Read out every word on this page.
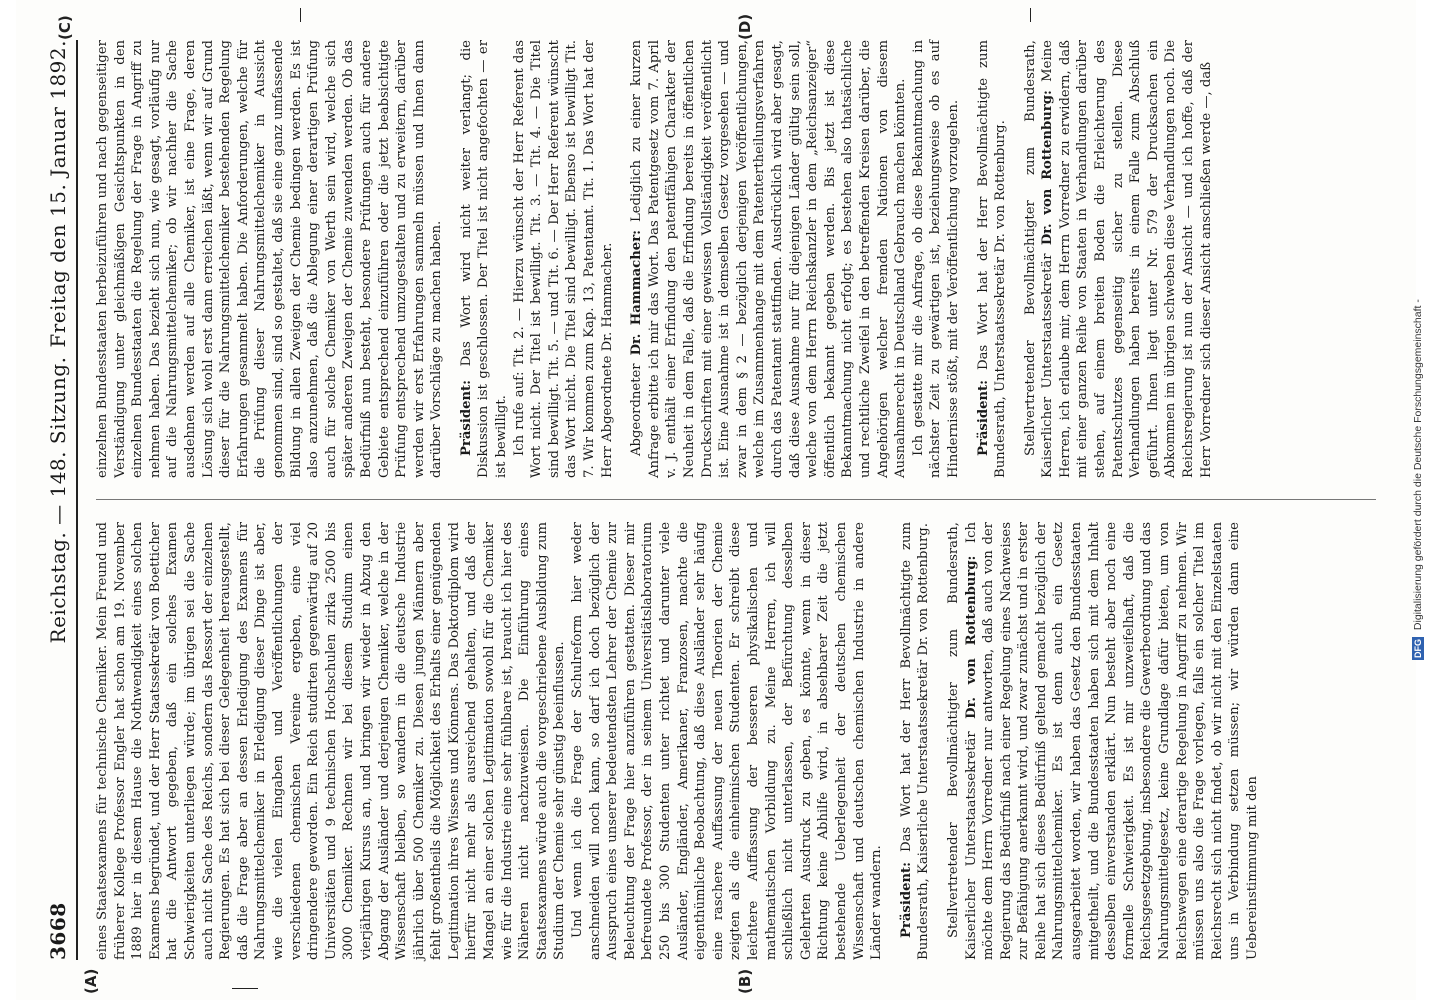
3668
Reichstag. — 148. Sitzung.
Freitag den 15. Januar 1892.
(A)	(B)
(C)	(D)

eines Staatsexamens für technische Chemiker. Mein Freund und früherer Kollege Professor Engler hat schon am 19. November 1889 hier in diesem Hause die Nothwendigkeit eines solchen Examens begründet, und der Herr Staatssekretär von Boetticher hat die Antwort gegeben, daß ein solches Examen Schwierigkeiten unterliegen würde; im übrigen sei die Sache auch nicht Sache des Reichs, sondern das Ressort der einzelnen Regierungen. Es hat sich bei dieser Gelegenheit herausgestellt, daß die Frage aber an dessen Erledigung des Examens für Nahrungsmittelchemiker in Erledigung dieser Dinge ist aber, wie die vielen Eingaben und Veröffentlichungen der verschiedenen chemischen Vereine ergeben, eine viel dringendere geworden. Ein Reich studirten gegenwärtig auf 20 Universitäten und 9 technischen Hochschulen zirka 2500 bis 3000 Chemiker. Rechnen wir bei diesem Studium einen vierjährigen Kursus an, und bringen wir wieder in Abzug den Abgang der Ausländer und derjenigen Chemiker, welche in der Wissenschaft bleiben, so wandern in die deutsche Industrie jährlich über 500 Chemiker zu. Diesen jungen Männern aber fehlt großentheils die Möglichkeit des Erhalts einer genügenden Legitimation ihres Wissens und Könnens. Das Doktordiplom wird hierfür nicht mehr als ausreichend gehalten, und daß der Mangel an einer solchen Legitimation sowohl für die Chemiker wie für die Industrie eine sehr fühlbare ist, braucht ich hier des Näheren nicht nachzuweisen. Die Einführung eines Staatsexamens würde auch die vorgeschriebene Ausbildung zum Studium der Chemie sehr günstig beeinflussen. Und wenn ich die Frage der Schulreform hier weder anschneiden will noch kann, so darf ich doch bezüglich der Ausspruch eines unserer bedeutendsten Lehrer der Chemie zur Beleuchtung der Frage hier anzuführen gestatten. Dieser mir befreundete Professor, der in seinem Universitätslaboratorium 250 bis 300 Studenten unter richtet und darunter viele Ausländer, Engländer, Amerikaner, Franzosen, machte die eigenthümliche Beobachtung, daß diese Ausländer sehr häufig eine raschere Auffassung der neuen Theorien der Chemie zeigten als die einheimischen Studenten. Er schreibt diese leichtere Auffassung der besseren physikalischen und mathematischen Vorbildung zu. Meine Herren, ich will schließlich nicht unterlassen, der Befürchtung desselben Gelehrten Ausdruck zu geben, es könnte, wenn in dieser Richtung keine Abhilfe wird, in absehbarer Zeit die jetzt bestehende Ueberlegenheit der deutschen chemischen Wissenschaft und deutschen chemischen Industrie in andere Länder wandern. Präsident: Das Wort hat der Herr Bevollmächtigte zum Bundesrath, Kaiserliche Unterstaatssekretär Dr. von Rottenburg. Stellvertretender Bevollmächtigter zum Bundesrath, Kaiserlicher Unterstaatssekretär Dr. von Rottenburg: Ich möchte dem Herrn Vorredner nur antworten, daß auch von der Regierung das Bedürfniß nach einer Regelung eines Nachweises zur Befähigung anerkannt wird, und zwar zunächst und in erster Reihe hat sich dieses Bedürfniß geltend gemacht bezüglich der Nahrungsmittelchemiker. Es ist denn auch ein Gesetz ausgearbeitet worden, wir haben das Gesetz den Bundesstaaten mitgetheilt, und die Bundesstaaten haben sich mit dem Inhalt desselben einverstanden erklärt. Nun besteht aber noch eine formelle Schwierigkeit. Es ist mir unzweifelhaft, daß die Reichsgesetzgebung, insbesondere die Gewerbeordnung und das Nahrungsmittelgesetz, keine Grundlage dafür bieten, um von Reichswegen eine derartige Regelung in Angriff zu nehmen. Wir müssen uns also die Frage vorlegen, falls ein solcher Titel im Reichsrecht sich nicht findet, ob wir nicht mit den Einzelstaaten uns in Verbindung setzen müssen; wir würden dann eine Uebereinstimmung mit den

einzelnen Bundesstaaten herbeizuführen und nach gegenseitiger Verständigung unter gleichmäßigen Gesichtspunkten in den einzelnen Bundesstaaten die Regelung der Frage in Angriff zu nehmen haben. Das bezieht sich nun, wie gesagt, vorläufig nur auf die Nahrungsmittelchemiker; ob wir nachher die Sache ausdehnen werden auf alle Chemiker, ist eine Frage, deren Lösung sich wohl erst dann erreichen läßt, wenn wir auf Grund dieser für die Nahrungsmittelchemiker bestehenden Regelung Erfahrungen gesammelt haben. Die Anforderungen, welche für die Prüfung dieser Nahrungsmittelchemiker in Aussicht genommen sind, sind so gestaltet, daß sie eine ganz umfassende Bildung in allen Zweigen der Chemie bedingen werden. Es ist also anzunehmen, daß die Ablegung einer derartigen Prüfung auch für solche Chemiker von Werth sein wird, welche sich später anderen Zweigen der Chemie zuwenden werden. Ob das Bedürfniß nun besteht, besondere Prüfungen auch für andere Gebiete entsprechend einzuführen oder die jetzt beabsichtigte Prüfung entsprechend umzugestalten und zu erweitern, darüber werden wir erst Erfahrungen sammeln müssen und Ihnen dann darüber Vorschläge zu machen haben. Präsident: Das Wort wird nicht weiter verlangt; die Diskussion ist geschlossen. Der Titel ist nicht angefochten — er ist bewilligt. Ich rufe auf: Tit. 2. — Hierzu wünscht der Herr Referent das Wort nicht. Der Titel ist bewilligt. Tit. 3. — Tit. 4. — Die Titel sind bewilligt. Tit. 5. — und Tit. 6. — Der Herr Referent wünscht das Wort nicht. Die Titel sind bewilligt. Ebenso ist bewilligt Tit. 7. Wir kommen zum Kap. 13, Patentamt. Tit. 1. Das Wort hat der Herr Abgeordnete Dr. Hammacher. Abgeordneter Dr. Hammacher: Lediglich zu einer kurzen Anfrage erbitte ich mir das Wort. Das Patentgesetz vom 7. April v. J. enthält einer Erfindung den patentfähigen Charakter der Neuheit in dem Falle, daß die Erfindung bereits in öffentlichen Druckschriften mit einer gewissen Vollständigkeit veröffentlicht ist. Eine Ausnahme ist in demselben Gesetz vorgesehen — und zwar in dem § 2 — bezüglich derjenigen Veröffentlichungen, welche im Zusammenhange mit dem Patentertheilungsverfahren durch das Patentamt stattfinden. Ausdrücklich wird aber gesagt, daß diese Ausnahme nur für diejenigen Länder gültig sein soll, welche von dem Herrn Reichskanzler in dem „Reichsanzeiger“ öffentlich bekannt gegeben werden. Bis jetzt ist diese Bekanntmachung nicht erfolgt; es bestehen also thatsächliche und rechtliche Zweifel in den betreffenden Kreisen darüber, die Angehörigen welcher fremden Nationen von diesem Ausnahmerecht in Deutschland Gebrauch machen könnten. Ich gestatte mir die Anfrage, ob diese Bekanntmachung in nächster Zeit zu gewärtigen ist, beziehungsweise ob es auf Hindernisse stößt, mit der Veröffentlichung vorzugehen. Präsident: Das Wort hat der Herr Bevollmächtigte zum Bundesrath, Unterstaatssekretär Dr. von Rottenburg. Stellvertretender Bevollmächtigter zum Bundesrath, Kaiserlicher Unterstaatssekretär Dr. von Rottenburg: Meine Herren, ich erlaube mir, dem Herrn Vorredner zu erwidern, daß mit einer ganzen Reihe von Staaten in Verhandlungen darüber stehen, auf einem breiten Boden die Erleichterung des Patentschutzes gegenseitig sicher zu stellen. Diese Verhandlungen haben bereits in einem Falle zum Abschluß geführt. Ihnen liegt unter Nr. 579 der Drucksachen ein Abkommen im übrigen schweben diese Verhandlungen noch. Die Reichsregierung ist nun der Ansicht — und ich hoffe, daß der Herr Vorredner sich dieser Ansicht anschließen werde —, daß

DFG Digitalisierung gefördert durch die Deutsche Forschungsgemeinschaft -
